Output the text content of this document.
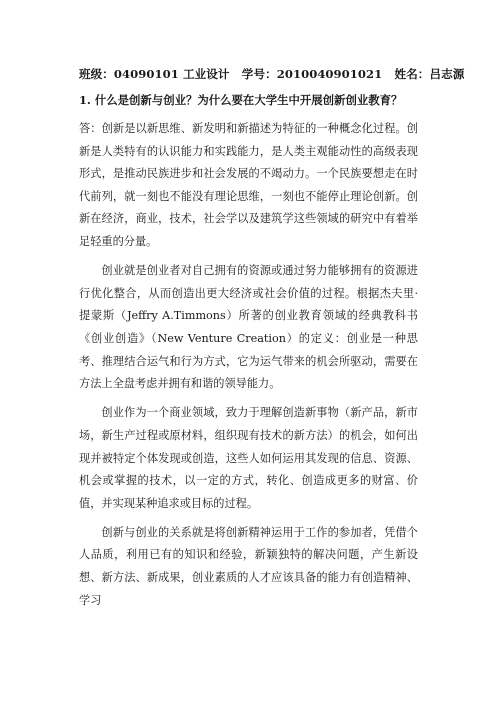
班级：04090101 工业设计 学号：2010040901021 姓名：吕志源
1. 什么是创新与创业？为什么要在大学生中开展创新创业教育？

答：创新是以新思维、新发明和新描述为特征的一种概念化过程。创新是人类特有的认识能力和实践能力，是人类主观能动性的高级表现形式，是推动民族进步和社会发展的不竭动力。一个民族要想走在时代前列，就一刻也不能没有理论思维，一刻也不能停止理论创新。创新在经济，商业，技术，社会学以及建筑学这些领域的研究中有着举足轻重的分量。

创业就是创业者对自己拥有的资源或通过努力能够拥有的资源进行优化整合，从而创造出更大经济或社会价值的过程。根据杰夫里·提蒙斯（Jeffry A.Timmons）所著的创业教育领域的经典教科书《创业创造》（New Venture Creation）的定义：创业是一种思考、推理结合运气和行为方式，它为运气带来的机会所驱动，需要在方法上全盘考虑并拥有和谐的领导能力。

创业作为一个商业领域，致力于理解创造新事物（新产品，新市场，新生产过程或原材料，组织现有技术的新方法）的机会，如何出现并被特定个体发现或创造，这些人如何运用其发现的信息、资源、机会或掌握的技术，以一定的方式，转化、创造成更多的财富、价值，并实现某种追求或目标的过程。

创新与创业的关系就是将创新精神运用于工作的参加者，凭借个人品质，利用已有的知识和经验，新颖独特的解决问题，产生新设想、新方法、新成果，创业素质的人才应该具备的能力有创造精神、学习
